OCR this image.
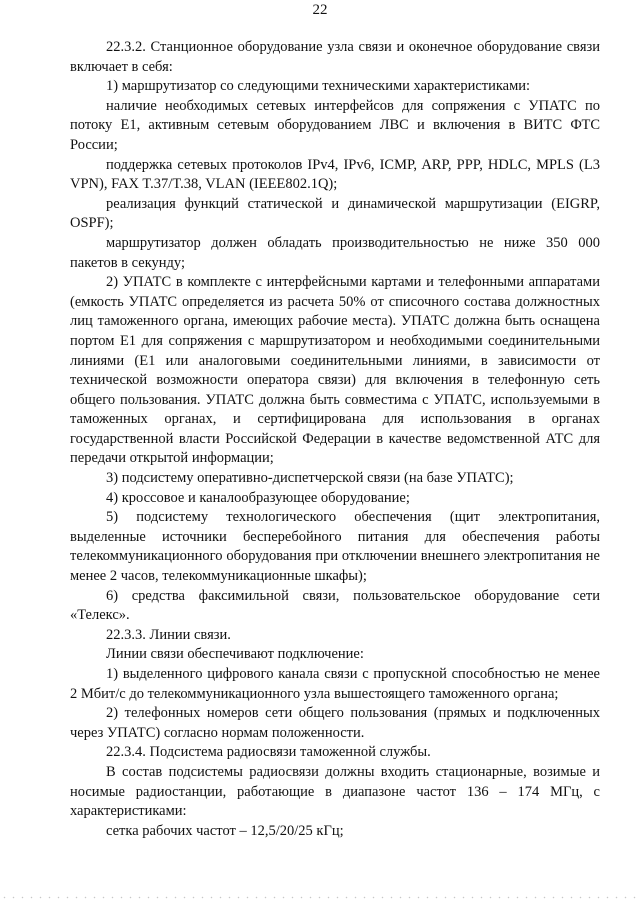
22

22.3.2. Станционное оборудование узла связи и оконечное оборудование связи включает в себя:

1) маршрутизатор со следующими техническими характеристиками:

наличие необходимых сетевых интерфейсов для сопряжения с УПАТС по потоку E1, активным сетевым оборудованием ЛВС и включения в ВИТС ФТС России;

поддержка сетевых протоколов IPv4, IPv6, ICMP, ARP, PPP, HDLC, MPLS (L3 VPN), FAX T.37/T.38, VLAN (IEEE802.1Q);

реализация функций статической и динамической маршрутизации (EIGRP, OSPF);

маршрутизатор должен обладать производительностью не ниже 350 000 пакетов в секунду;

2) УПАТС в комплекте с интерфейсными картами и телефонными аппаратами (емкость УПАТС определяется из расчета 50% от списочного состава должностных лиц таможенного органа, имеющих рабочие места). УПАТС должна быть оснащена портом E1 для сопряжения с маршрутизатором и необходимыми соединительными линиями (E1 или аналоговыми соединительными линиями, в зависимости от технической возможности оператора связи) для включения в телефонную сеть общего пользования. УПАТС должна быть совместима с УПАТС, используемыми в таможенных органах, и сертифицирована для использования в органах государственной власти Российской Федерации в качестве ведомственной АТС для передачи открытой информации;

3) подсистему оперативно-диспетчерской связи (на базе УПАТС);

4) кроссовое и каналообразующее оборудование;

5) подсистему технологического обеспечения (щит электропитания, выделенные источники бесперебойного питания для обеспечения работы телекоммуникационного оборудования при отключении внешнего электропитания не менее 2 часов, телекоммуникационные шкафы);

6) средства факсимильной связи, пользовательское оборудование сети «Телекс».

22.3.3. Линии связи.

Линии связи обеспечивают подключение:

1) выделенного цифрового канала связи с пропускной способностью не менее 2 Мбит/с до телекоммуникационного узла вышестоящего таможенного органа;

2) телефонных номеров сети общего пользования (прямых и подключенных через УПАТС) согласно нормам положенности.

22.3.4. Подсистема радиосвязи таможенной службы.

В состав подсистемы радиосвязи должны входить стационарные, возимые и носимые радиостанции, работающие в диапазоне частот 136 – 174 МГц, с характеристиками:

сетка рабочих частот – 12,5/20/25 кГц;
